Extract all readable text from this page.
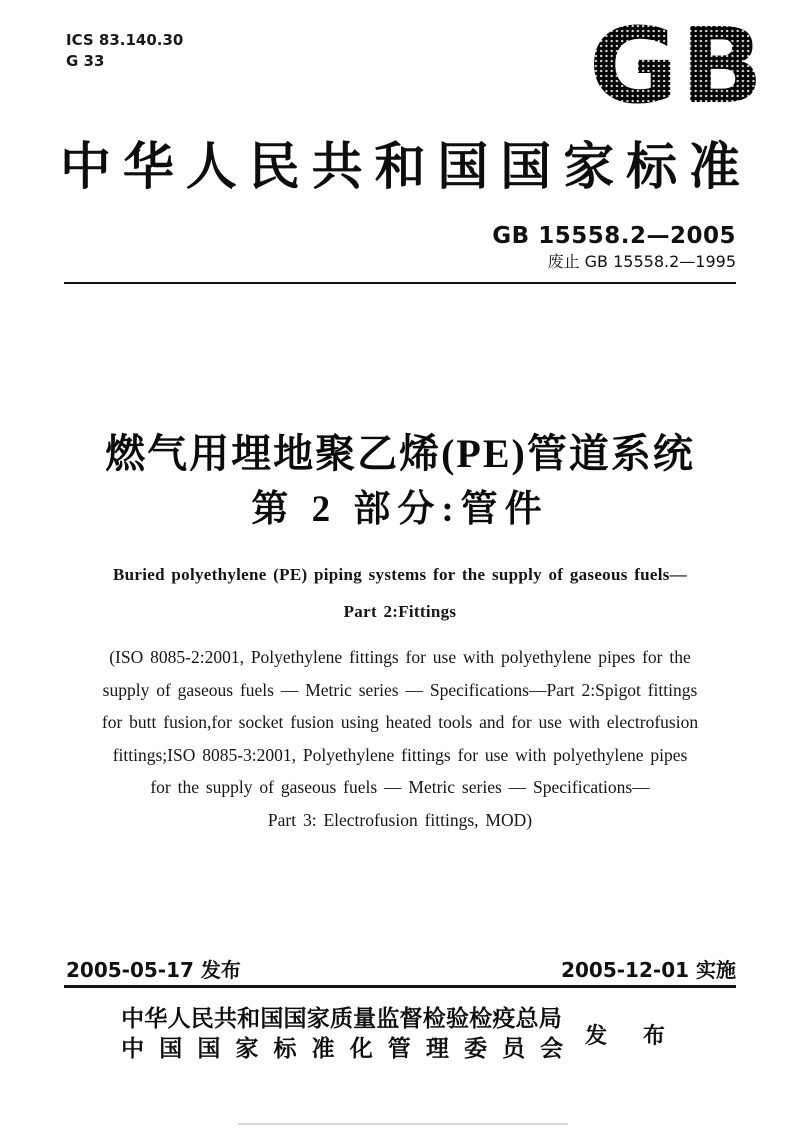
ICS 83.140.30
G 33	GB
中华人民共和国国家标准
GB 15558.2—2005
废止 GB 15558.2—1995
燃气用埋地聚乙烯(PE)管道系统
第 2 部分:管件
Buried polyethylene (PE) piping systems for the supply of gaseous fuels—
Part 2:Fittings
(ISO 8085-2:2001, Polyethylene fittings for use with polyethylene pipes for the
supply of gaseous fuels — Metric series — Specifications—Part 2:Spigot fittings
for butt fusion,for socket fusion using heated tools and for use with electrofusion
fittings;ISO 8085-3:2001, Polyethylene fittings for use with polyethylene pipes
for the supply of gaseous fuels — Metric series — Specifications—
Part 3: Electrofusion fittings, MOD)
2005-05-17 发布	2005-12-01 实施
中华人民共和国国家质量监督检验检疫总局
中国国家标准化管理委员会 发 布
